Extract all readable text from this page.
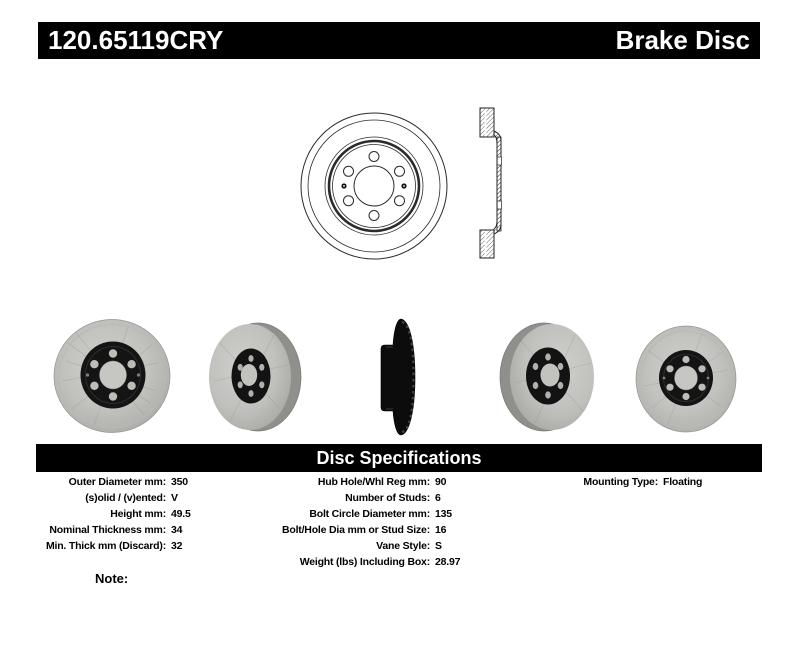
120.65119CRY	Brake Disc
Disc Specifications
Outer Diameter mm: 350
(s)olid / (v)ented: V
Height mm: 49.5
Nominal Thickness mm: 34
Min. Thick mm (Discard): 32
Hub Hole/Whl Reg mm: 90
Number of Studs: 6
Bolt Circle Diameter mm: 135
Bolt/Hole Dia mm or Stud Size: 16
Vane Style: S
Weight (lbs) Including Box: 28.97
Mounting Type: Floating
Note:
